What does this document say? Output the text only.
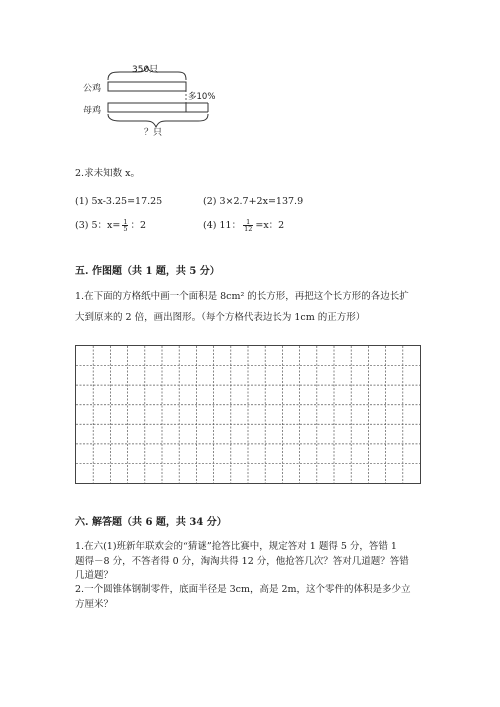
350只
公鸡
母鸡
多10%
？只
2.求未知数 x。
(1) 5x-3.25=17.25	(2) 3×2.7+2x=137.9
(3) 5：$x= \frac{1}{5}$ ：2	(4) 11： $\frac{1}{12} =x$：2
五. 作图题（共 1 题，共 5 分）
1.在下面的方格纸中画一个面积是 8cm² 的长方形，再把这个长方形的各边长扩
大到原来的 2 倍，画出图形。（每个方格代表边长为 1cm 的正方形）
六. 解答题（共 6 题，共 34 分）
1.在六(1)班新年联欢会的“猜谜”抢答比赛中，规定答对 1 题得 5 分，答错 1
题得－8 分，不答者得 0 分，淘淘共得 12 分，他抢答几次？答对几道题？答错
几道题？
2.一个圆锥体钢制零件，底面半径是 3cm，高是 2m，这个零件的体积是多少立
方厘米？
